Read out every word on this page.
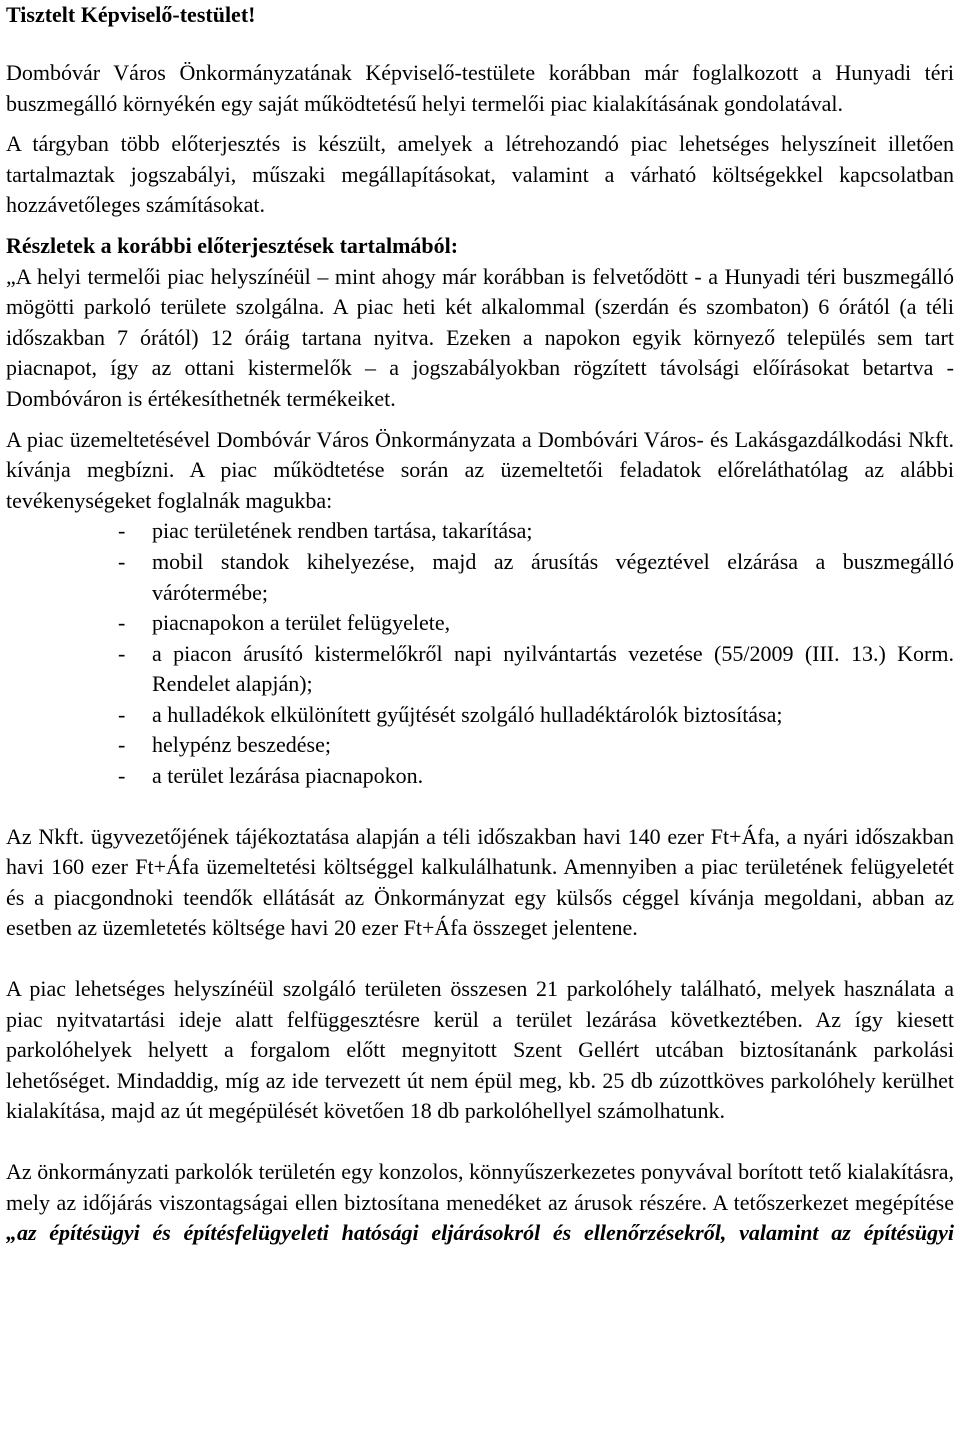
Tisztelt Képviselő-testület!

Dombóvár Város Önkormányzatának Képviselő-testülete korábban már foglalkozott a Hunyadi téri buszmegálló környékén egy saját működtetésű helyi termelői piac kialakításának gondolatával.

A tárgyban több előterjesztés is készült, amelyek a létrehozandó piac lehetséges helyszíneit illetően tartalmaztak jogszabályi, műszaki megállapításokat, valamint a várható költségekkel kapcsolatban hozzávetőleges számításokat.

Részletek a korábbi előterjesztések tartalmából:

„A helyi termelői piac helyszínéül – mint ahogy már korábban is felvetődött - a Hunyadi téri buszmegálló mögötti parkoló területe szolgálna. A piac heti két alkalommal (szerdán és szombaton) 6 órától (a téli időszakban 7 órától) 12 óráig tartana nyitva. Ezeken a napokon egyik környező település sem tart piacnapot, így az ottani kistermelők – a jogszabályokban rögzített távolsági előírásokat betartva - Dombóváron is értékesíthetnék termékeiket.

A piac üzemeltetésével Dombóvár Város Önkormányzata a Dombóvári Város- és Lakásgazdálkodási Nkft. kívánja megbízni. A piac működtetése során az üzemeltetői feladatok előreláthatólag az alábbi tevékenységeket foglalnák magukba:

- piac területének rendben tartása, takarítása;
- mobil standok kihelyezése, majd az árusítás végeztével elzárása a buszmegálló várótermébe;
- piacnapokon a terület felügyelete,
- a piacon árusító kistermelőkről napi nyilvántartás vezetése (55/2009 (III. 13.) Korm. Rendelet alapján);
- a hulladékok elkülönített gyűjtését szolgáló hulladéktárolók biztosítása;
- helypénz beszedése;
- a terület lezárása piacnapokon.

Az Nkft. ügyvezetőjének tájékoztatása alapján a téli időszakban havi 140 ezer Ft+Áfa, a nyári időszakban havi 160 ezer Ft+Áfa üzemeltetési költséggel kalkulálhatunk. Amennyiben a piac területének felügyeletét és a piacgondnoki teendők ellátását az Önkormányzat egy külsős céggel kívánja megoldani, abban az esetben az üzemletetés költsége havi 20 ezer Ft+Áfa összeget jelentene.

A piac lehetséges helyszínéül szolgáló területen összesen 21 parkolóhely található, melyek használata a piac nyitvatartási ideje alatt felfüggesztésre kerül a terület lezárása következtében. Az így kiesett parkolóhelyek helyett a forgalom előtt megnyitott Szent Gellért utcában biztosítanánk parkolási lehetőséget. Mindaddig, míg az ide tervezett út nem épül meg, kb. 25 db zúzottköves parkolóhely kerülhet kialakítása, majd az út megépülését követően 18 db parkolóhellyel számolhatunk.

Az önkormányzati parkolók területén egy konzolos, könnyűszerkezetes ponyvával borított tető kialakításra, mely az időjárás viszontagságai ellen biztosítana menedéket az árusok részére. A tetőszerkezet megépítése „az építésügyi és építésfelügyeleti hatósági eljárásokról és ellenőrzésekről, valamint az építésügyi
